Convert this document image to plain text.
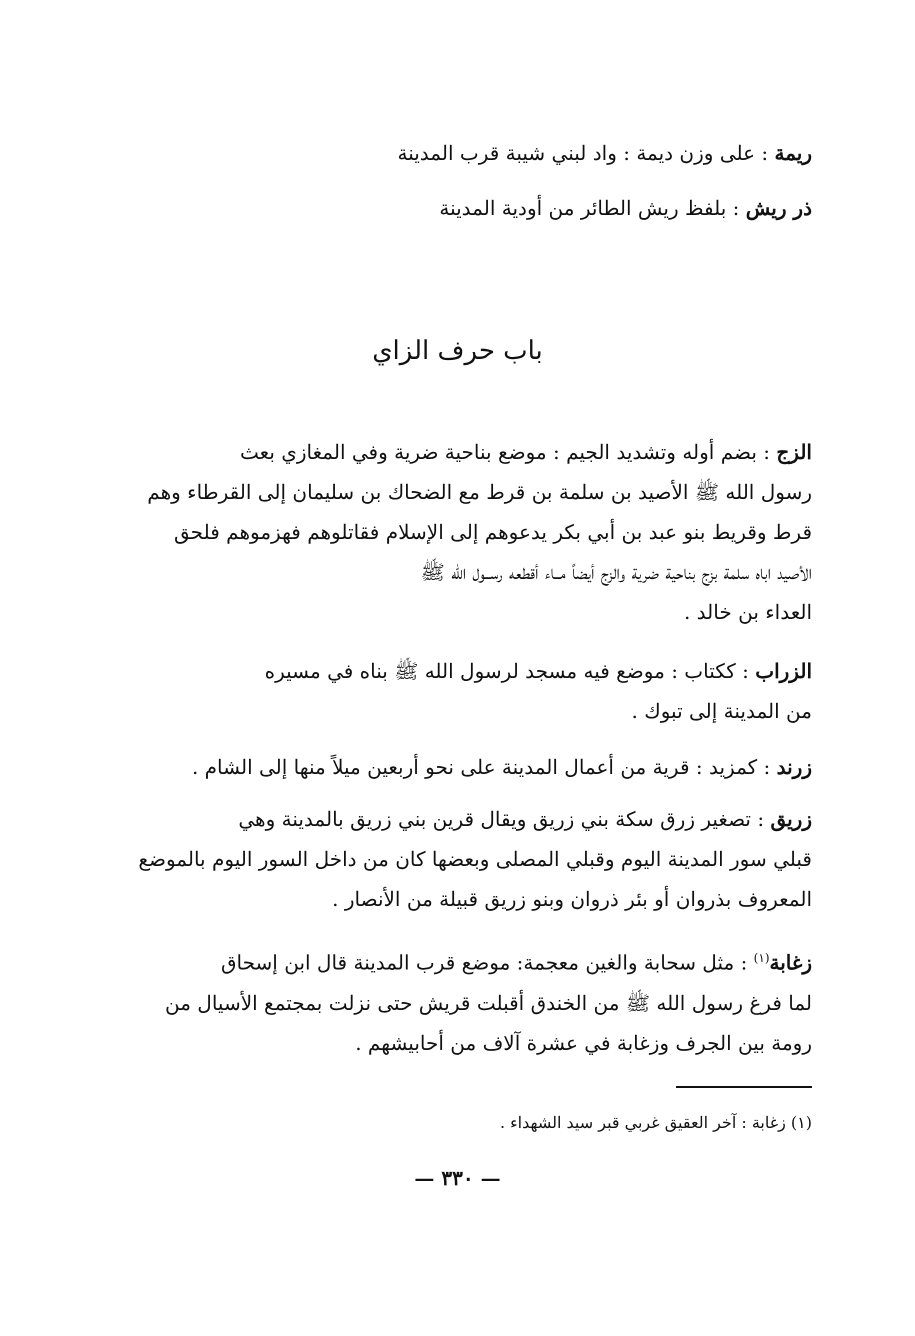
ريمة : على وزن ديمة : واد لبني شيبة قرب المدينة
ذر ريش : بلفظ ريش الطائر من أودية المدينة
باب حرف الزاي
الزج : بضم أوله وتشديد الجيم : موضع بناحية ضرية وفي المغازي بعث
رسول الله ﷺ الأصيد بن سلمة بن قرط مع الضحاك بن سليمان إلى القرطاء وهم
قرط وقريط بنو عبد بن أبي بكر يدعوهم إلى الإسلام فقاتلوهم فهزموهم فلحق
الأصيد اباه سلمة بزج بناحية ضرية والزج أيضاً مــاء أقطعه رســول الله ﷺ
العداء بن خالد .
الزراب : ككتاب : موضع فيه مسجد لرسول الله ﷺ بناه في مسيره
من المدينة إلى تبوك .
زرند : كمزيد : قرية من أعمال المدينة على نحو أربعين ميلاً منها إلى الشام .
زريق : تصغير زرق سكة بني زريق ويقال قرين بني زريق بالمدينة وهي
قبلي سور المدينة اليوم وقبلي المصلى وبعضها كان من داخل السور اليوم بالموضع
المعروف بذروان أو بئر ذروان وبنو زريق قبيلة من الأنصار .
زغابة$^{(١)}$ : مثل سحابة والغين معجمة: موضع قرب المدينة قال ابن إسحاق
لما فرغ رسول الله ﷺ من الخندق أقبلت قريش حتى نزلت بمجتمع الأسيال من
رومة بين الجرف وزغابة في عشرة آلاف من أحابيشهم .
(١) زغابة : آخر العقيق غربي قبر سيد الشهداء .
— ٣٣٠ —
